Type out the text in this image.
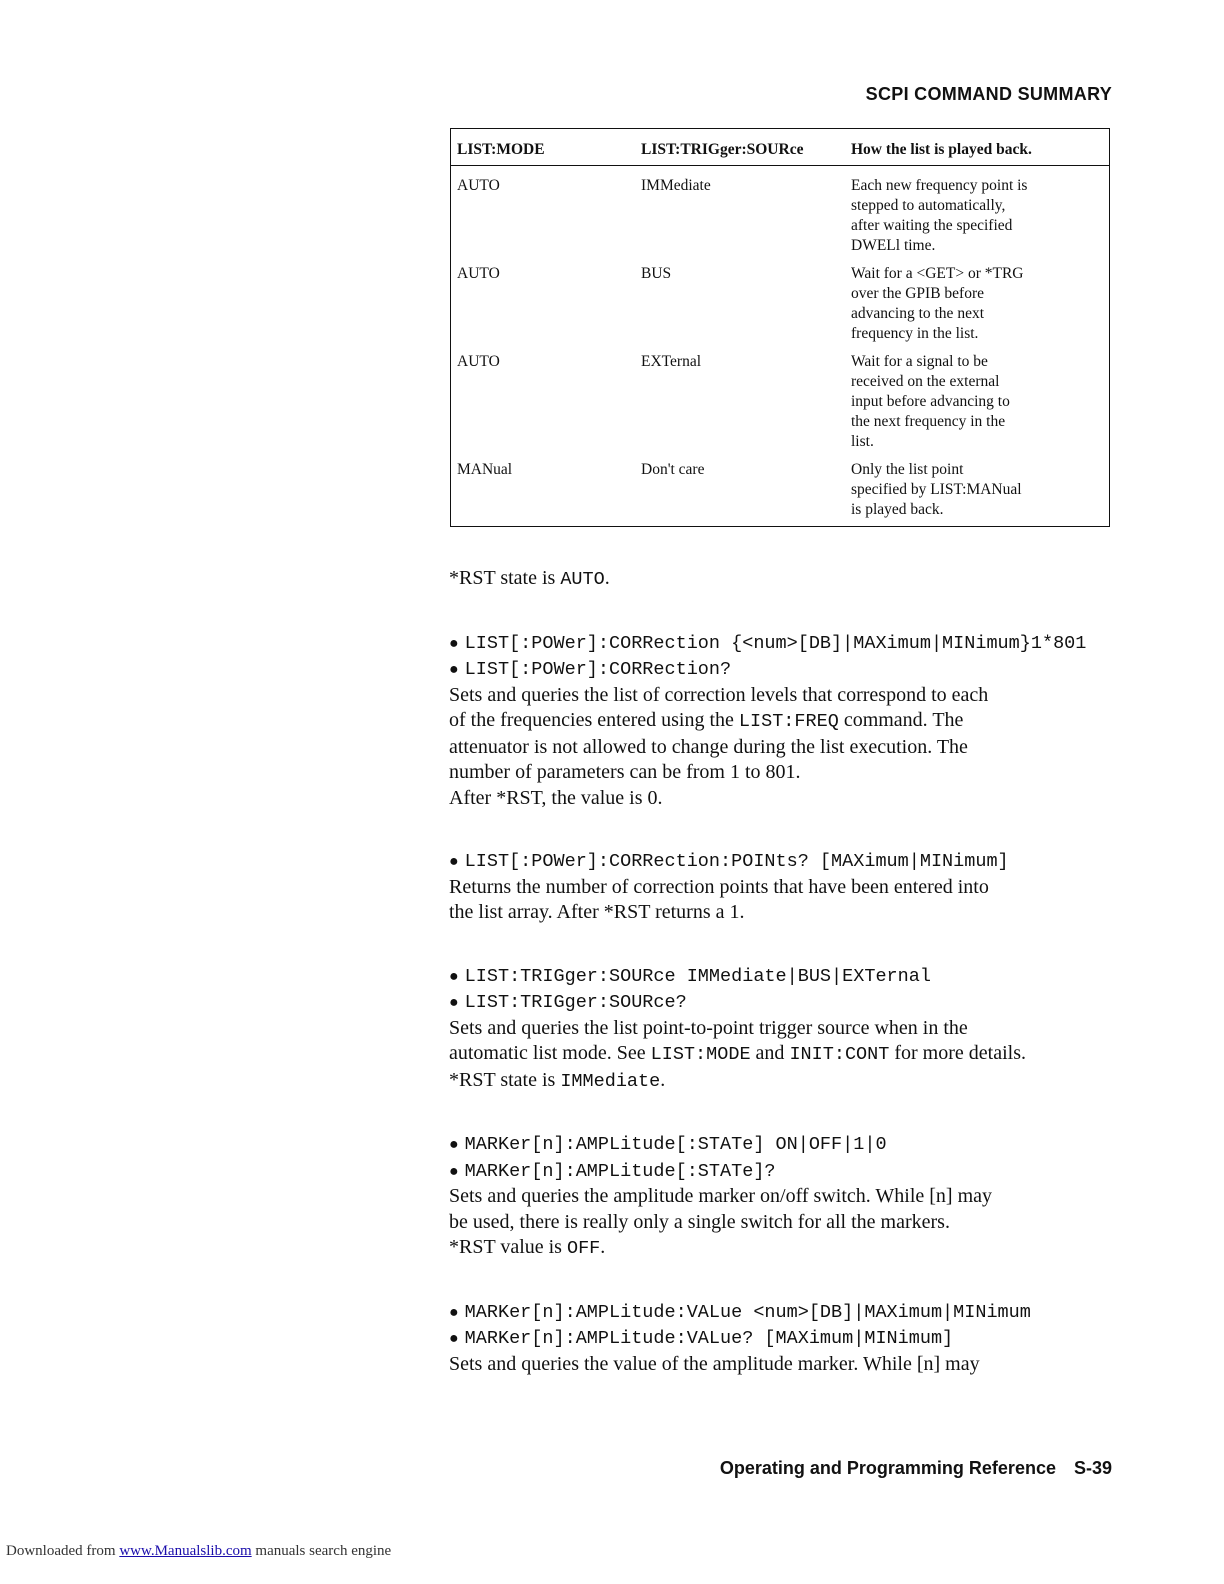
SCPI COMMAND SUMMARY
LIST:MODE	LIST:TRIGger:SOURce	How the list is played back.
AUTO	IMMediate	Each new frequency point is
stepped to automatically,
after waiting the specified
DWELl time.

AUTO	BUS	Wait for a <GET> or *TRG
over the GPIB before
advancing to the next
frequency in the list.

AUTO	EXTernal	Wait for a signal to be
received on the external
input before advancing to
the next frequency in the
list.

MANual	Don't care	Only the list point
specified by LIST:MANual
is played back.

*RST state is AUTO.

● LIST[:POWer]:CORRection {<num>[DB]|MAXimum|MINimum}1*801
● LIST[:POWer]:CORRection?
Sets and queries the list of correction levels that correspond to each
of the frequencies entered using the LIST:FREQ command. The
attenuator is not allowed to change during the list execution. The
number of parameters can be from 1 to 801.
After *RST, the value is 0.
● LIST[:POWer]:CORRection:POINts? [MAXimum|MINimum]
Returns the number of correction points that have been entered into
the list array. After *RST returns a 1.
● LIST:TRIGger:SOURce IMMediate|BUS|EXTernal
● LIST:TRIGger:SOURce?
Sets and queries the list point-to-point trigger source when in the
automatic list mode. See LIST:MODE and INIT:CONT for more details.
*RST state is IMMediate.
● MARKer[n]:AMPLitude[:STATe] ON|OFF|1|0
● MARKer[n]:AMPLitude[:STATe]?
Sets and queries the amplitude marker on/off switch. While [n] may
be used, there is really only a single switch for all the markers.
*RST value is OFF.
● MARKer[n]:AMPLitude:VALue <num>[DB]|MAXimum|MINimum
● MARKer[n]:AMPLitude:VALue? [MAXimum|MINimum]
Sets and queries the value of the amplitude marker. While [n] may
Operating and Programming Reference S-39
Downloaded from www.Manualslib.com manuals search engine
